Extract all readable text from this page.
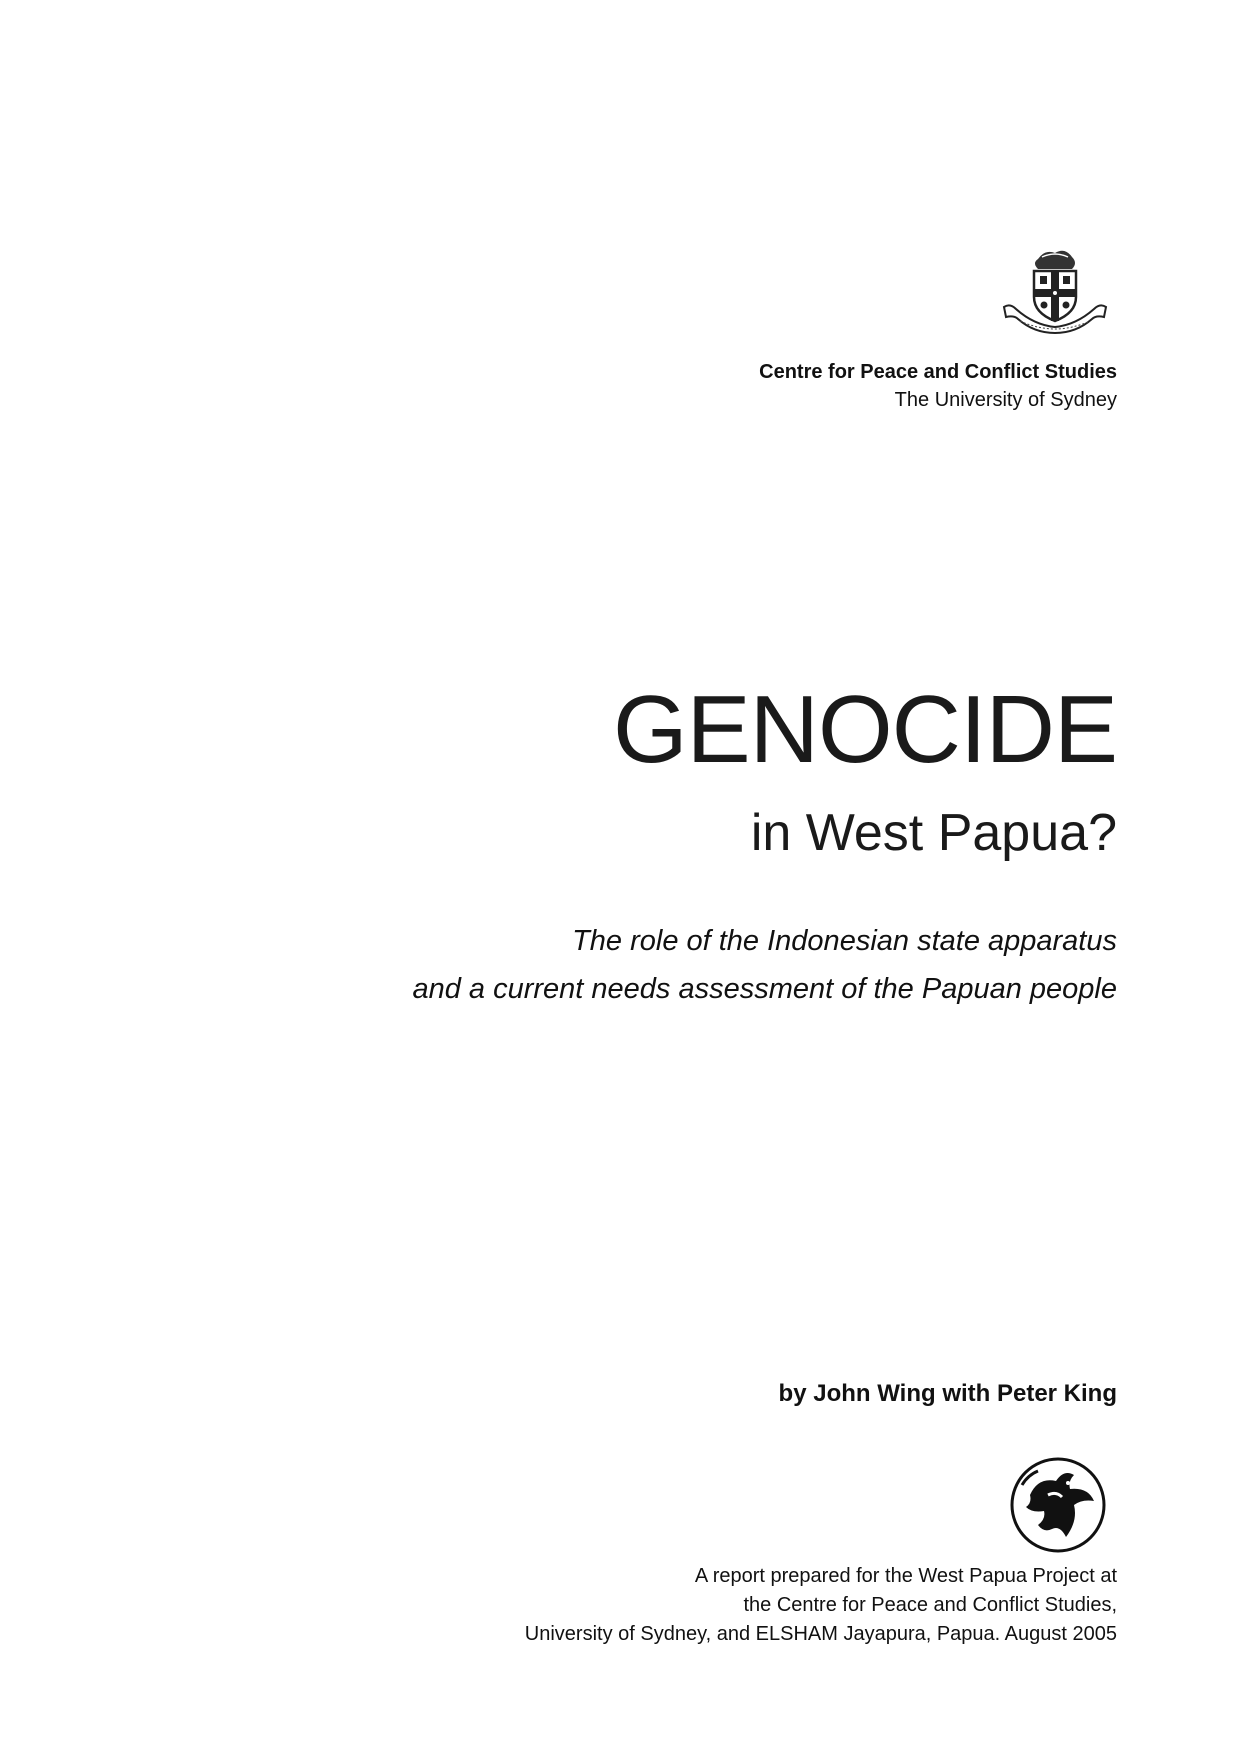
Centre for Peace and Conflict Studies
The University of Sydney
GENOCIDE
in West Papua?
The role of the Indonesian state apparatus
and a current needs assessment of the Papuan people
by John Wing with Peter King
A report prepared for the West Papua Project at
the Centre for Peace and Conflict Studies,
University of Sydney, and ELSHAM Jayapura, Papua. August 2005
